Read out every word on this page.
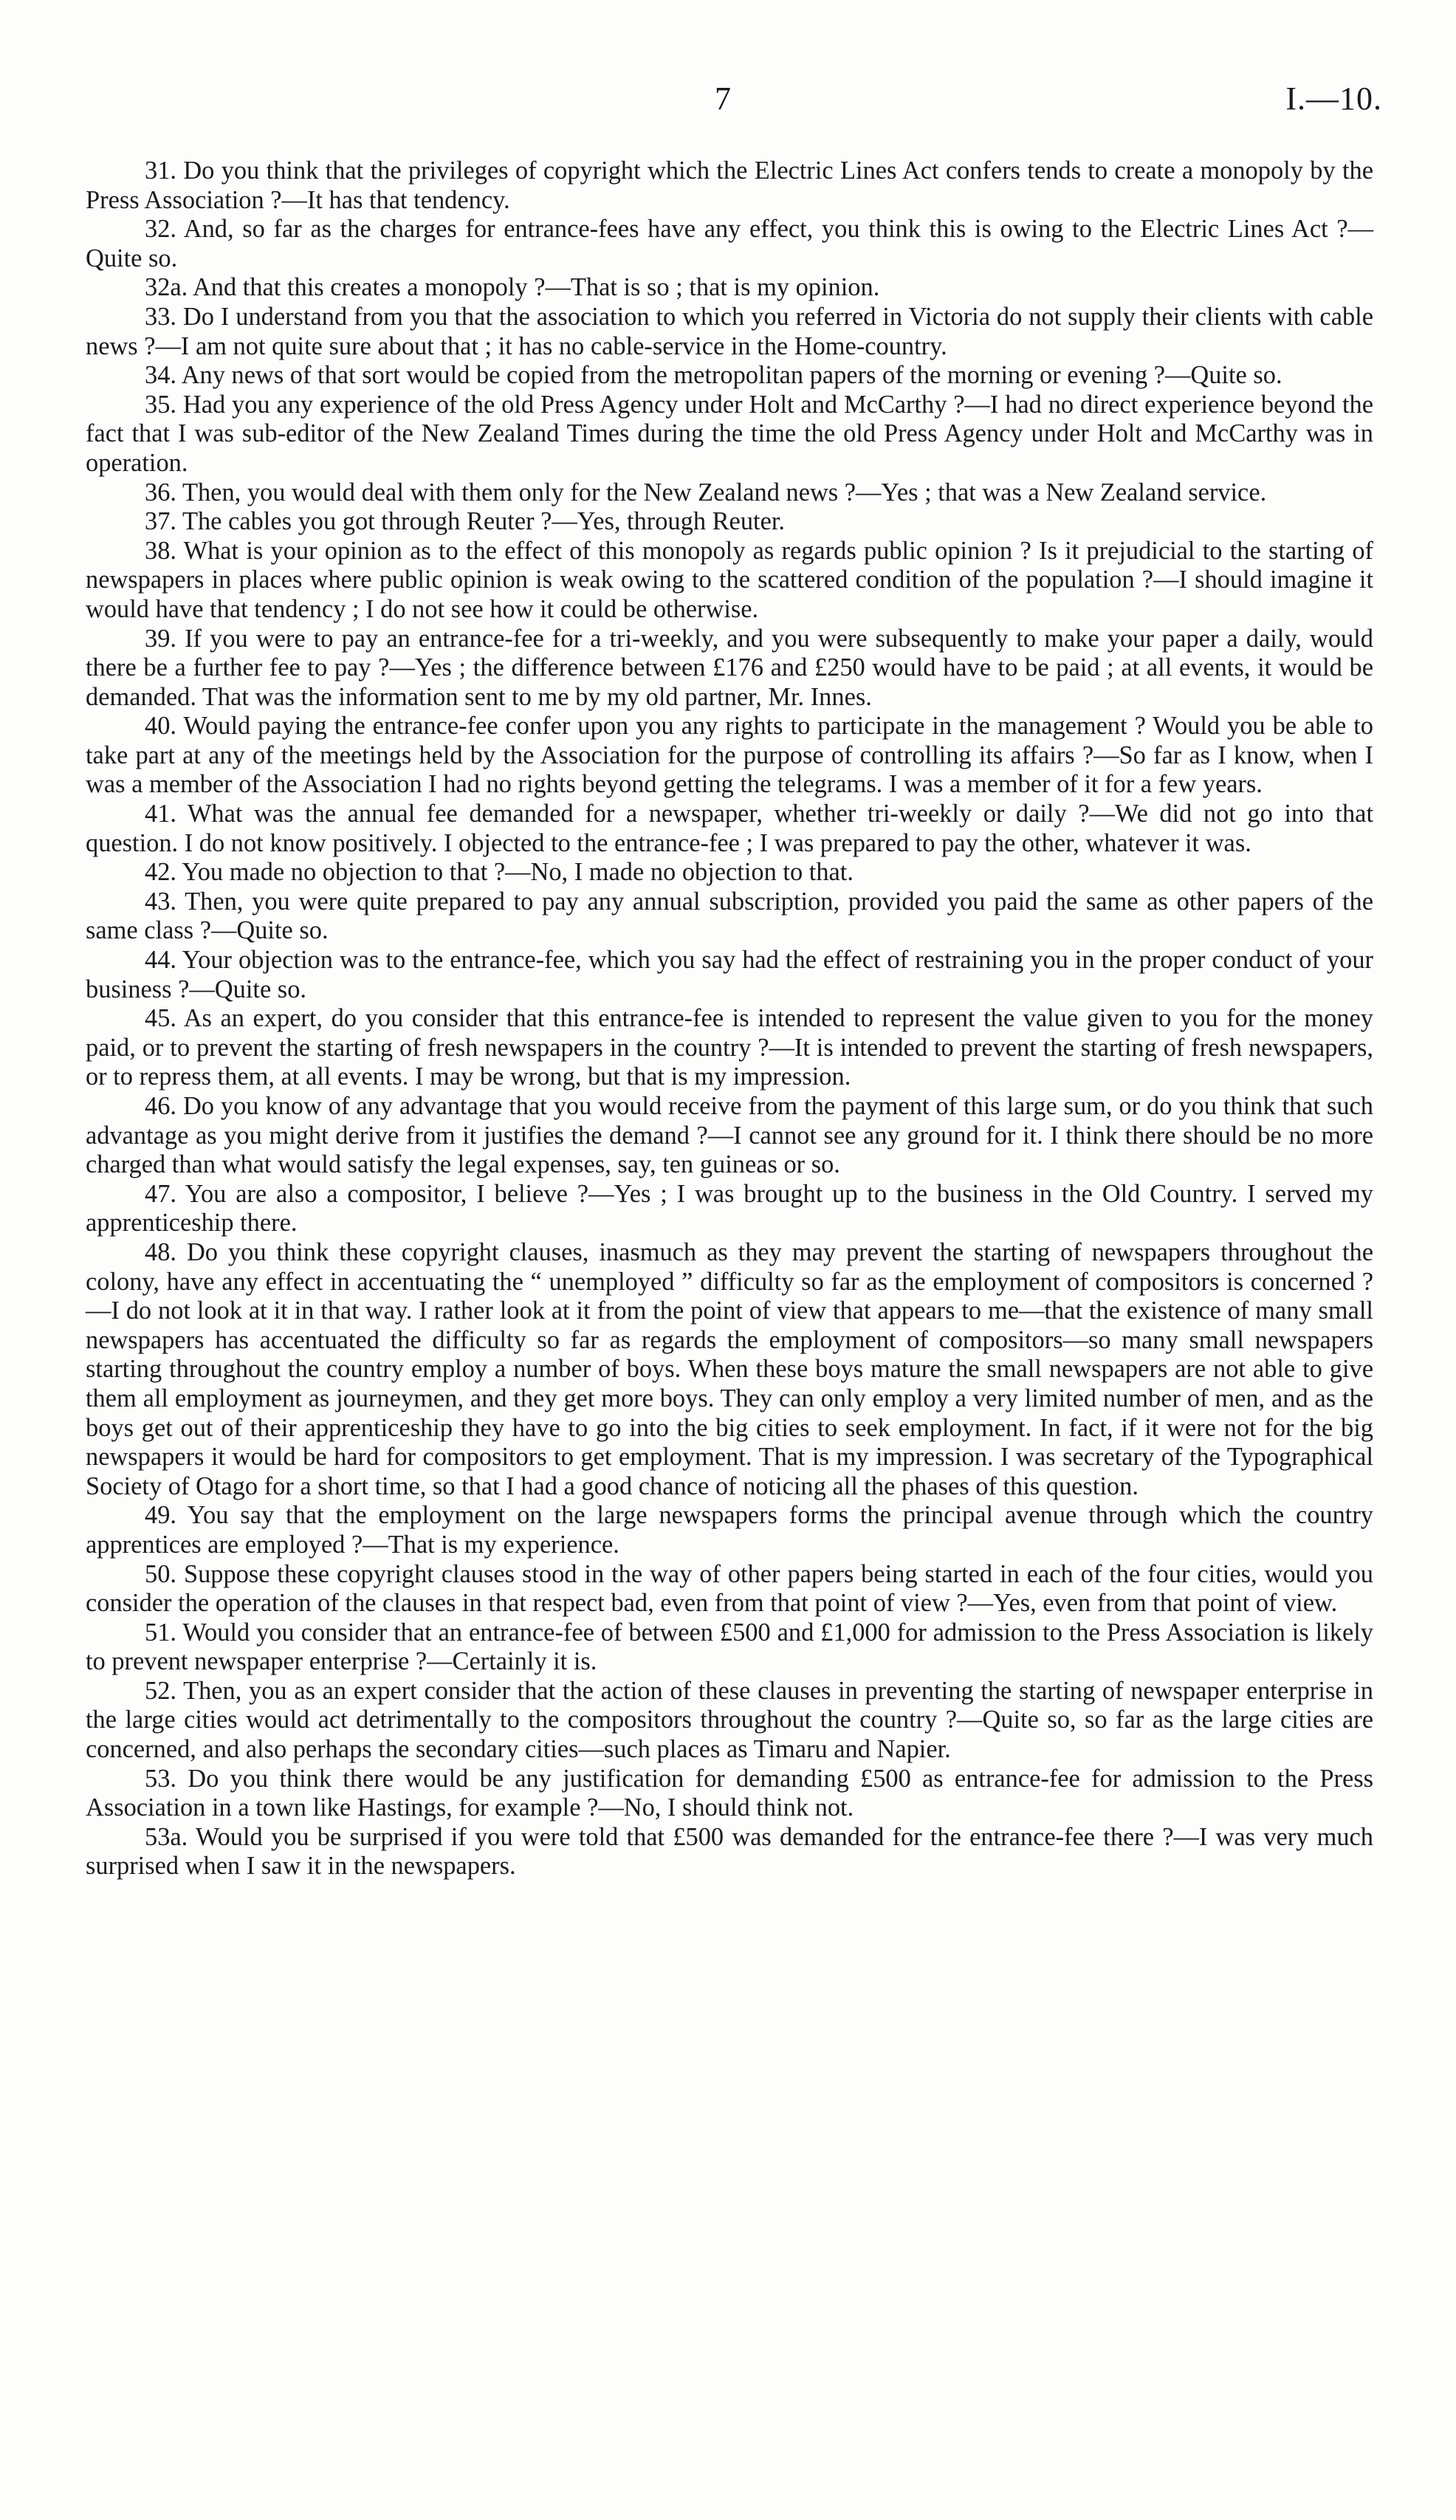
7	I.—10.

31. Do you think that the privileges of copyright which the Electric Lines Act confers tends to create a monopoly by the Press Association ?—It has that tendency.

32. And, so far as the charges for entrance-fees have any effect, you think this is owing to the Electric Lines Act ?—Quite so.

32a. And that this creates a monopoly ?—That is so ; that is my opinion.

33. Do I understand from you that the association to which you referred in Victoria do not supply their clients with cable news ?—I am not quite sure about that ; it has no cable-service in the Home-country.

34. Any news of that sort would be copied from the metropolitan papers of the morning or evening ?—Quite so.

35. Had you any experience of the old Press Agency under Holt and McCarthy ?—I had no direct experience beyond the fact that I was sub-editor of the New Zealand Times during the time the old Press Agency under Holt and McCarthy was in operation.

36. Then, you would deal with them only for the New Zealand news ?—Yes ; that was a New Zealand service.

37. The cables you got through Reuter ?—Yes, through Reuter.

38. What is your opinion as to the effect of this monopoly as regards public opinion ? Is it prejudicial to the starting of newspapers in places where public opinion is weak owing to the scattered condition of the population ?—I should imagine it would have that tendency ; I do not see how it could be otherwise.

39. If you were to pay an entrance-fee for a tri-weekly, and you were subsequently to make your paper a daily, would there be a further fee to pay ?—Yes ; the difference between £176 and £250 would have to be paid ; at all events, it would be demanded. That was the information sent to me by my old partner, Mr. Innes.

40. Would paying the entrance-fee confer upon you any rights to participate in the management ? Would you be able to take part at any of the meetings held by the Association for the purpose of controlling its affairs ?—So far as I know, when I was a member of the Association I had no rights beyond getting the telegrams. I was a member of it for a few years.

41. What was the annual fee demanded for a newspaper, whether tri-weekly or daily ?—We did not go into that question. I do not know positively. I objected to the entrance-fee ; I was prepared to pay the other, whatever it was.

42. You made no objection to that ?—No, I made no objection to that.

43. Then, you were quite prepared to pay any annual subscription, provided you paid the same as other papers of the same class ?—Quite so.

44. Your objection was to the entrance-fee, which you say had the effect of restraining you in the proper conduct of your business ?—Quite so.

45. As an expert, do you consider that this entrance-fee is intended to represent the value given to you for the money paid, or to prevent the starting of fresh newspapers in the country ?—It is intended to prevent the starting of fresh newspapers, or to repress them, at all events. I may be wrong, but that is my impression.

46. Do you know of any advantage that you would receive from the payment of this large sum, or do you think that such advantage as you might derive from it justifies the demand ?—I cannot see any ground for it. I think there should be no more charged than what would satisfy the legal expenses, say, ten guineas or so.

47. You are also a compositor, I believe ?—Yes ; I was brought up to the business in the Old Country. I served my apprenticeship there.

48. Do you think these copyright clauses, inasmuch as they may prevent the starting of newspapers throughout the colony, have any effect in accentuating the “ unemployed ” difficulty so far as the employment of compositors is concerned ?—I do not look at it in that way. I rather look at it from the point of view that appears to me—that the existence of many small newspapers has accentuated the difficulty so far as regards the employment of compositors—so many small newspapers starting throughout the country employ a number of boys. When these boys mature the small newspapers are not able to give them all employment as journeymen, and they get more boys. They can only employ a very limited number of men, and as the boys get out of their apprenticeship they have to go into the big cities to seek employment. In fact, if it were not for the big newspapers it would be hard for compositors to get employment. That is my impression. I was secretary of the Typographical Society of Otago for a short time, so that I had a good chance of noticing all the phases of this question.

49. You say that the employment on the large newspapers forms the principal avenue through which the country apprentices are employed ?—That is my experience.

50. Suppose these copyright clauses stood in the way of other papers being started in each of the four cities, would you consider the operation of the clauses in that respect bad, even from that point of view ?—Yes, even from that point of view.

51. Would you consider that an entrance-fee of between £500 and £1,000 for admission to the Press Association is likely to prevent newspaper enterprise ?—Certainly it is.

52. Then, you as an expert consider that the action of these clauses in preventing the starting of newspaper enterprise in the large cities would act detrimentally to the compositors throughout the country ?—Quite so, so far as the large cities are concerned, and also perhaps the secondary cities—such places as Timaru and Napier.

53. Do you think there would be any justification for demanding £500 as entrance-fee for admission to the Press Association in a town like Hastings, for example ?—No, I should think not.

53a. Would you be surprised if you were told that £500 was demanded for the entrance-fee there ?—I was very much surprised when I saw it in the newspapers.
